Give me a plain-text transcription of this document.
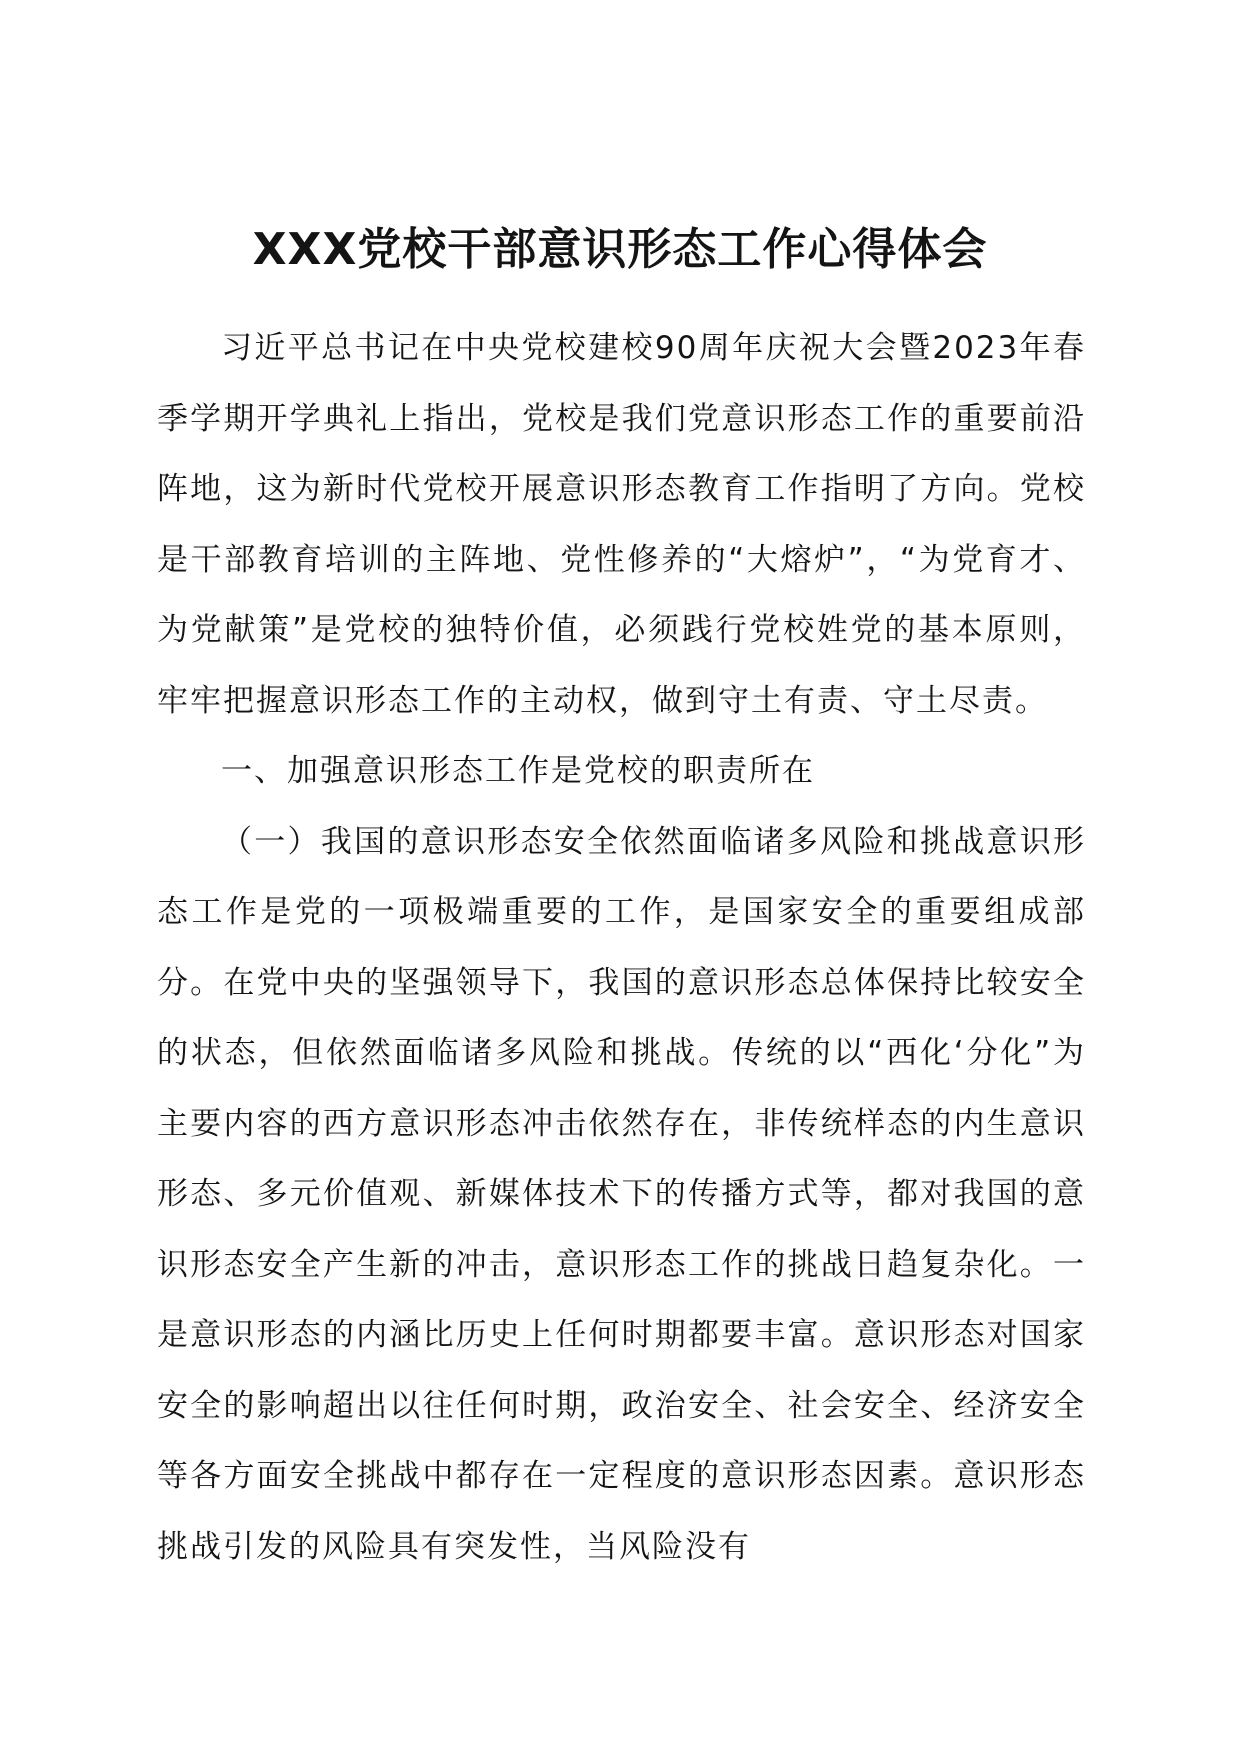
XXX党校干部意识形态工作心得体会

习近平总书记在中央党校建校90周年庆祝大会暨2023年春季学期开学典礼上指出，党校是我们党意识形态工作的重要前沿阵地，这为新时代党校开展意识形态教育工作指明了方向。党校是干部教育培训的主阵地、党性修养的“大熔炉”，“为党育才、为党献策”是党校的独特价值，必须践行党校姓党的基本原则，牢牢把握意识形态工作的主动权，做到守土有责、守土尽责。

一、加强意识形态工作是党校的职责所在

（一）我国的意识形态安全依然面临诸多风险和挑战意识形态工作是党的一项极端重要的工作，是国家安全的重要组成部分。在党中央的坚强领导下，我国的意识形态总体保持比较安全的状态，但依然面临诸多风险和挑战。传统的以“西化‘分化”为主要内容的西方意识形态冲击依然存在，非传统样态的内生意识形态、多元价值观、新媒体技术下的传播方式等，都对我国的意识形态安全产生新的冲击，意识形态工作的挑战日趋复杂化。一是意识形态的内涵比历史上任何时期都要丰富。意识形态对国家安全的影响超出以往任何时期，政治安全、社会安全、经济安全等各方面安全挑战中都存在一定程度的意识形态因素。意识形态挑战引发的风险具有突发性，当风险没有
